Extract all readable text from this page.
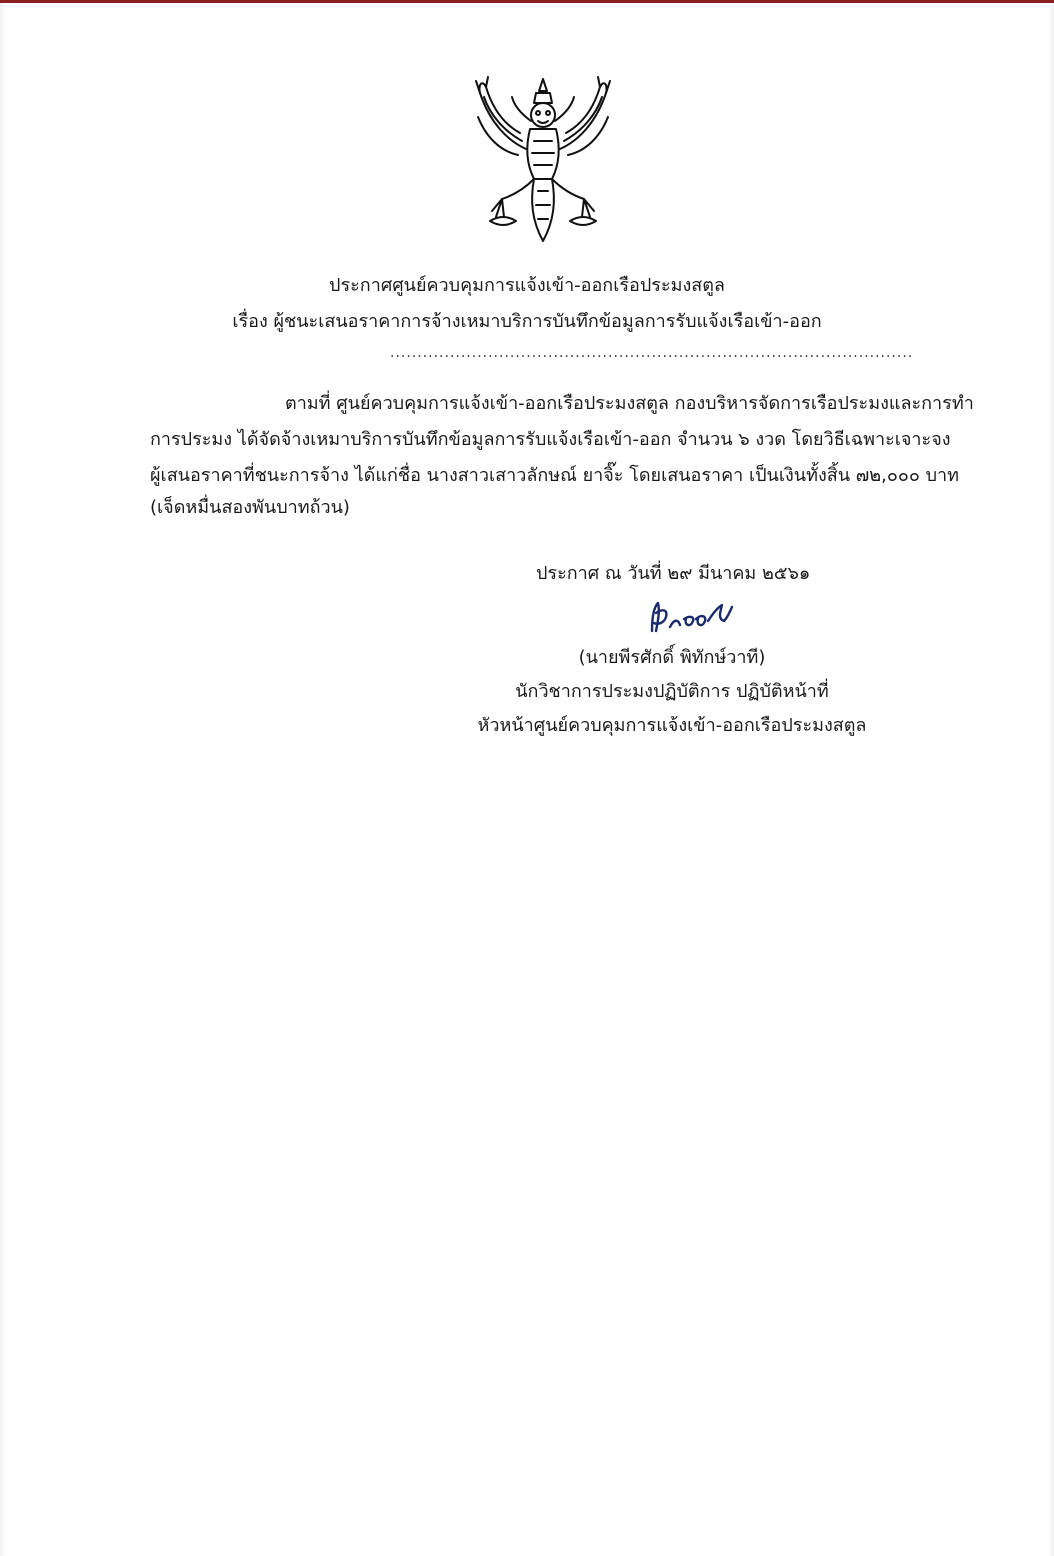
ประกาศศูนย์ควบคุมการแจ้งเข้า-ออกเรือประมงสตูล
เรื่อง ผู้ชนะเสนอราคาการจ้างเหมาบริการบันทึกข้อมูลการรับแจ้งเรือเข้า-ออก
................................................................................................
ตามที่ ศูนย์ควบคุมการแจ้งเข้า-ออกเรือประมงสตูล กองบริหารจัดการเรือประมงและการทำ
การประมง ได้จัดจ้างเหมาบริการบันทึกข้อมูลการรับแจ้งเรือเข้า-ออก จำนวน ๖ งวด โดยวิธีเฉพาะเจาะจง
ผู้เสนอราคาที่ชนะการจ้าง ได้แก่ชื่อ นางสาวเสาวลักษณ์ ยาจิ๊ะ โดยเสนอราคา เป็นเงินทั้งสิ้น ๗๒,๐๐๐ บาท
(เจ็ดหมื่นสองพันบาทถ้วน)
ประกาศ ณ วันที่ ๒๙ มีนาคม ๒๕๖๑
(นายพีรศักดิ์ พิทักษ์วาที)
นักวิชาการประมงปฏิบัติการ ปฏิบัติหน้าที่
หัวหน้าศูนย์ควบคุมการแจ้งเข้า-ออกเรือประมงสตูล
